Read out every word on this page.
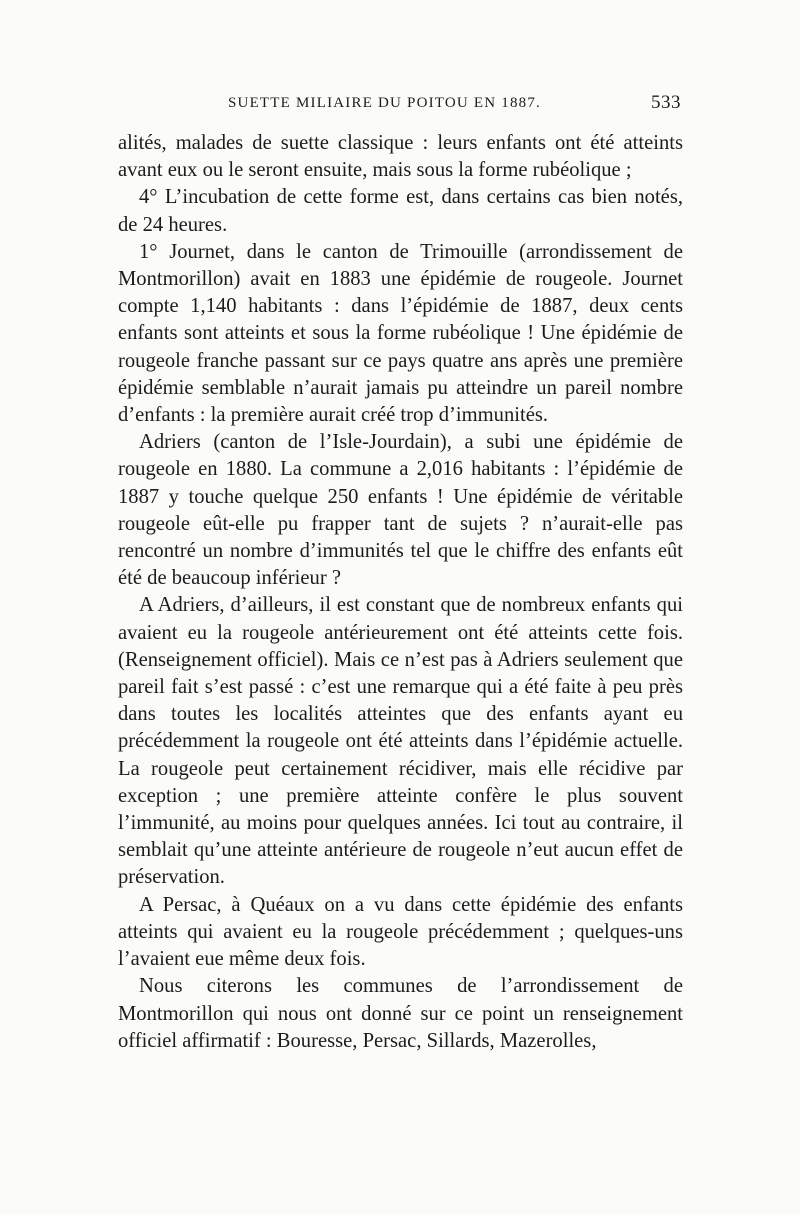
SUETTE MILIAIRE DU POITOU EN 1887.	533

alités, malades de suette classique : leurs enfants ont été atteints avant eux ou le seront ensuite, mais sous la forme rubéolique ;

4° L’incubation de cette forme est, dans certains cas bien notés, de 24 heures.

1° Journet, dans le canton de Trimouille (arrondissement de Montmorillon) avait en 1883 une épidémie de rougeole. Journet compte 1,140 habitants : dans l’épidémie de 1887, deux cents enfants sont atteints et sous la forme rubéolique ! Une épidémie de rougeole franche passant sur ce pays quatre ans après une première épidémie semblable n’aurait jamais pu atteindre un pareil nombre d’enfants : la première aurait créé trop d’immunités.

Adriers (canton de l’Isle-Jourdain), a subi une épidémie de rougeole en 1880. La commune a 2,016 habitants : l’épidémie de 1887 y touche quelque 250 enfants ! Une épidémie de véritable rougeole eût-elle pu frapper tant de sujets ? n’aurait-elle pas rencontré un nombre d’immunités tel que le chiffre des enfants eût été de beaucoup inférieur ?

A Adriers, d’ailleurs, il est constant que de nombreux enfants qui avaient eu la rougeole antérieurement ont été atteints cette fois. (Renseignement officiel). Mais ce n’est pas à Adriers seulement que pareil fait s’est passé : c’est une remarque qui a été faite à peu près dans toutes les localités atteintes que des enfants ayant eu précédemment la rougeole ont été atteints dans l’épidémie actuelle. La rougeole peut certainement récidiver, mais elle récidive par exception ; une première atteinte confère le plus souvent l’immunité, au moins pour quelques années. Ici tout au contraire, il semblait qu’une atteinte antérieure de rougeole n’eut aucun effet de préservation.

A Persac, à Quéaux on a vu dans cette épidémie des enfants atteints qui avaient eu la rougeole précédemment ; quelques-uns l’avaient eue même deux fois.

Nous citerons les communes de l’arrondissement de Montmorillon qui nous ont donné sur ce point un renseignement officiel affirmatif : Bouresse, Persac, Sillards, Mazerolles,
